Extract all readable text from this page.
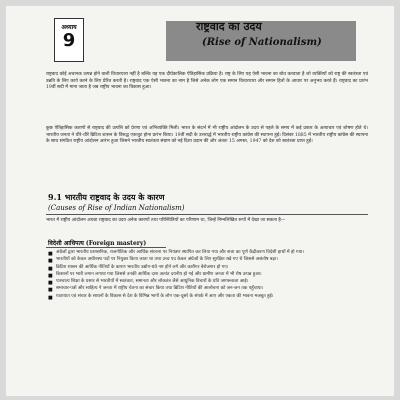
अध्याय
9
राष्ट्रवाद का उदय
(Rise of Nationalism)

राष्ट्रवाद कोई अचानक उत्पन्न होने वाली विचारधारा नहीं है बल्कि यह एक दीर्घकालिक ऐतिहासिक प्रक्रिया है। राष्ट्र के लिए यह ऐसी भावना का बोध करवाता है जो व्यक्तियों को राष्ट्र की स्वतंत्रता एवं उन्नति के लिए कार्य करने के लिए प्रेरित करती है। राष्ट्रवाद एक ऐसी भावना का नाम है जिसे अनेक लोग एक समान विचारधारा और समान हितों के आधार पर अनुभव करते हैं। राष्ट्रवाद का प्रारंभ 19वीं सदी में माना जाता है जब राष्ट्रीय भावना का विकास हुआ।

कुछ ऐतिहासिक कारणों से राष्ट्रवाद की उत्पत्ति को प्रेरणा एवं अभिव्यक्ति मिली। भारत के संदर्भ में भी राष्ट्रीय आंदोलन के उदय से पहले के समय में कई प्रकार के अत्याचार एवं शोषण होते थे। भारतीय जनता ने धीरे-धीरे ब्रिटिश शासन के विरुद्ध एकजुट होना प्रारंभ किया। 19वीं सदी के उत्तरार्द्ध में भारतीय राष्ट्रीय कांग्रेस की स्थापना हुई। दिसंबर 1885 में भारतीय राष्ट्रीय कांग्रेस की स्थापना के साथ संगठित राष्ट्रीय आंदोलन आरंभ हुआ जिसने भारतीय स्वतंत्रता संग्राम को नई दिशा प्रदान की और अंततः 15 अगस्त, 1947 को देश को स्वतंत्रता प्राप्त हुई।

9.1 भारतीय राष्ट्रवाद के उदय के कारण
(Causes of Rise of Indian Nationalism)

भारत में राष्ट्रीय आंदोलन अथवा राष्ट्रवाद का उदय अनेक कारणों तथा परिस्थितियों का परिणाम था, जिन्हें निम्नलिखित रूपों में देखा जा सकता है—

विदेशी आधिपत्य (Foreign mastery)
■ अंग्रेजों द्वारा भारतीय प्रशासनिक, राजनीतिक और आर्थिक संरचना पर नियंत्रण स्थापित कर लिया गया और सत्ता का पूर्ण केंद्रीकरण विदेशी हाथों में हो गया।
■ भारतीयों को केवल अधीनस्थ पदों पर नियुक्त किया जाता था तथा उच्च पद केवल अंग्रेजों के लिए सुरक्षित रखे गए थे जिससे असंतोष बढ़ा।
■ ब्रिटिश शासन की आर्थिक नीतियों के कारण भारतीय उद्योग-धंधे नष्ट होने लगे और कारीगर बेरोजगार हो गए।
■ किसानों पर भारी लगान लगाया गया जिससे उनकी आर्थिक दशा अत्यंत दयनीय हो गई और ग्रामीण जनता में भी रोष उत्पन्न हुआ।
■ पाश्चात्य शिक्षा के प्रसार से भारतीयों में स्वतंत्रता, समानता और लोकतंत्र जैसे आधुनिक विचारों के प्रति जागरूकता आई।
■ समाचार-पत्रों और साहित्य ने जनता में राष्ट्रीय चेतना का संचार किया तथा ब्रिटिश नीतियों की आलोचना को जन-जन तक पहुँचाया।
■ यातायात एवं संचार के साधनों के विकास से देश के विभिन्न भागों के लोग एक-दूसरे के संपर्क में आए और एकता की भावना मजबूत हुई।
